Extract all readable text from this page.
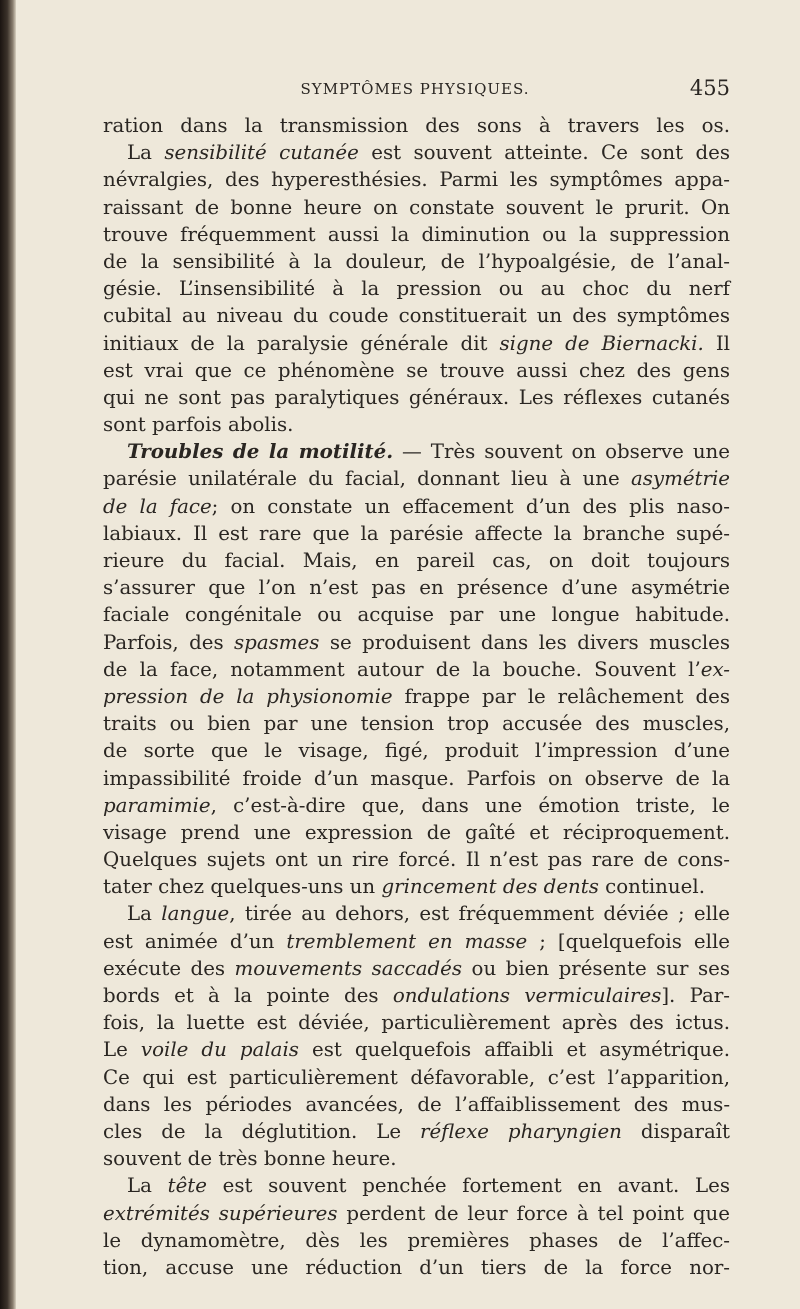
SYMPTÔMES PHYSIQUES.	455
ration dans la transmission des sons à travers les os.
La sensibilité cutanée est souvent atteinte. Ce sont des
névralgies, des hyperesthésies. Parmi les symptômes appa-
raissant de bonne heure on constate souvent le prurit. On
trouve fréquemment aussi la diminution ou la suppression
de la sensibilité à la douleur, de l’hypoalgésie, de l’anal-
gésie. L’insensibilité à la pression ou au choc du nerf
cubital au niveau du coude constituerait un des symptômes
initiaux de la paralysie générale dit signe de Biernacki. Il
est vrai que ce phénomène se trouve aussi chez des gens
qui ne sont pas paralytiques généraux. Les réflexes cutanés
sont parfois abolis.
Troubles de la motilité. — Très souvent on observe une
parésie unilatérale du facial, donnant lieu à une asymétrie
de la face; on constate un effacement d’un des plis naso-
labiaux. Il est rare que la parésie affecte la branche supé-
rieure du facial. Mais, en pareil cas, on doit toujours
s’assurer que l’on n’est pas en présence d’une asymétrie
faciale congénitale ou acquise par une longue habitude.
Parfois, des spasmes se produisent dans les divers muscles
de la face, notamment autour de la bouche. Souvent l’ex-
pression de la physionomie frappe par le relâchement des
traits ou bien par une tension trop accusée des muscles,
de sorte que le visage, figé, produit l’impression d’une
impassibilité froide d’un masque. Parfois on observe de la
paramimie, c’est-à-dire que, dans une émotion triste, le
visage prend une expression de gaîté et réciproquement.
Quelques sujets ont un rire forcé. Il n’est pas rare de cons-
tater chez quelques-uns un grincement des dents continuel.
La langue, tirée au dehors, est fréquemment déviée ; elle
est animée d’un tremblement en masse ; [quelquefois elle
exécute des mouvements saccadés ou bien présente sur ses
bords et à la pointe des ondulations vermiculaires]. Par-
fois, la luette est déviée, particulièrement après des ictus.
Le voile du palais est quelquefois affaibli et asymétrique.
Ce qui est particulièrement défavorable, c’est l’apparition,
dans les périodes avancées, de l’affaiblissement des mus-
cles de la déglutition. Le réflexe pharyngien disparaît
souvent de très bonne heure.
La tête est souvent penchée fortement en avant. Les
extrémités supérieures perdent de leur force à tel point que
le dynamomètre, dès les premières phases de l’affec-
tion, accuse une réduction d’un tiers de la force nor-
